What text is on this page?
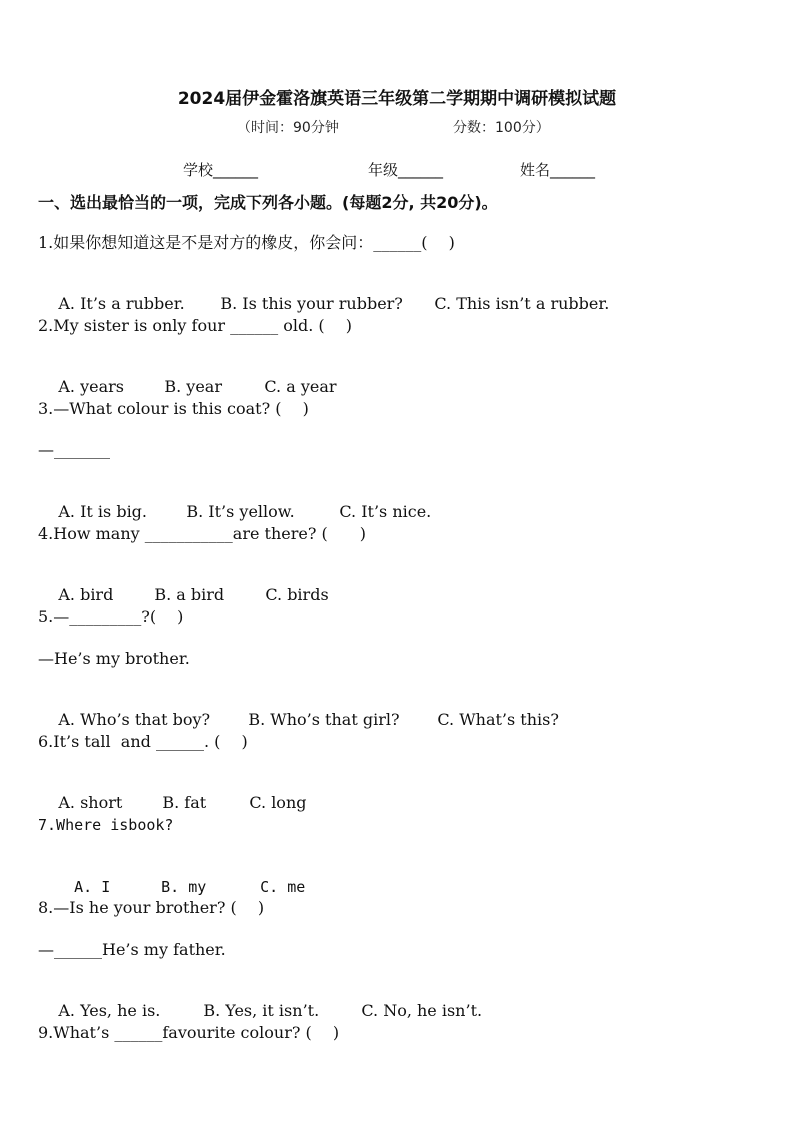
2024届伊金霍洛旗英语三年级第二学期期中调研模拟试题
（时间：90分钟	分数：100分）
学校______	年级______	姓名______
一、选出最恰当的一项，完成下列各小题。(每题2分, 共20分)。
1.如果你想知道这是不是对方的橡皮，你会问：______(　 )

A. It’s a rubber. B. Is this your rubber? C. This isn’t a rubber.

2.My sister is only four ______ old. (　 )

A. years	B. year	C. a year

3.—What colour is this coat? (　 )
—_______

A. It is big. B. It’s yellow.	C. It’s nice.

4.How many ___________are there? (　　)

A. bird	B. a bird	C. birds

5.—_________?(　 )
—He’s my brother.

A. Who’s that boy? B. Who’s that girl? C. What’s this?

6.It’s tall  and ______. (　 )

A. short	B. fat	C. long

7.Where isbook?

A. I	B. my	C. me

8.—Is he your brother? (　 )
—______He’s my father.

A. Yes, he is.	B. Yes, it isn’t.	C. No, he isn’t.

9.What’s ______favourite colour? (　 )
